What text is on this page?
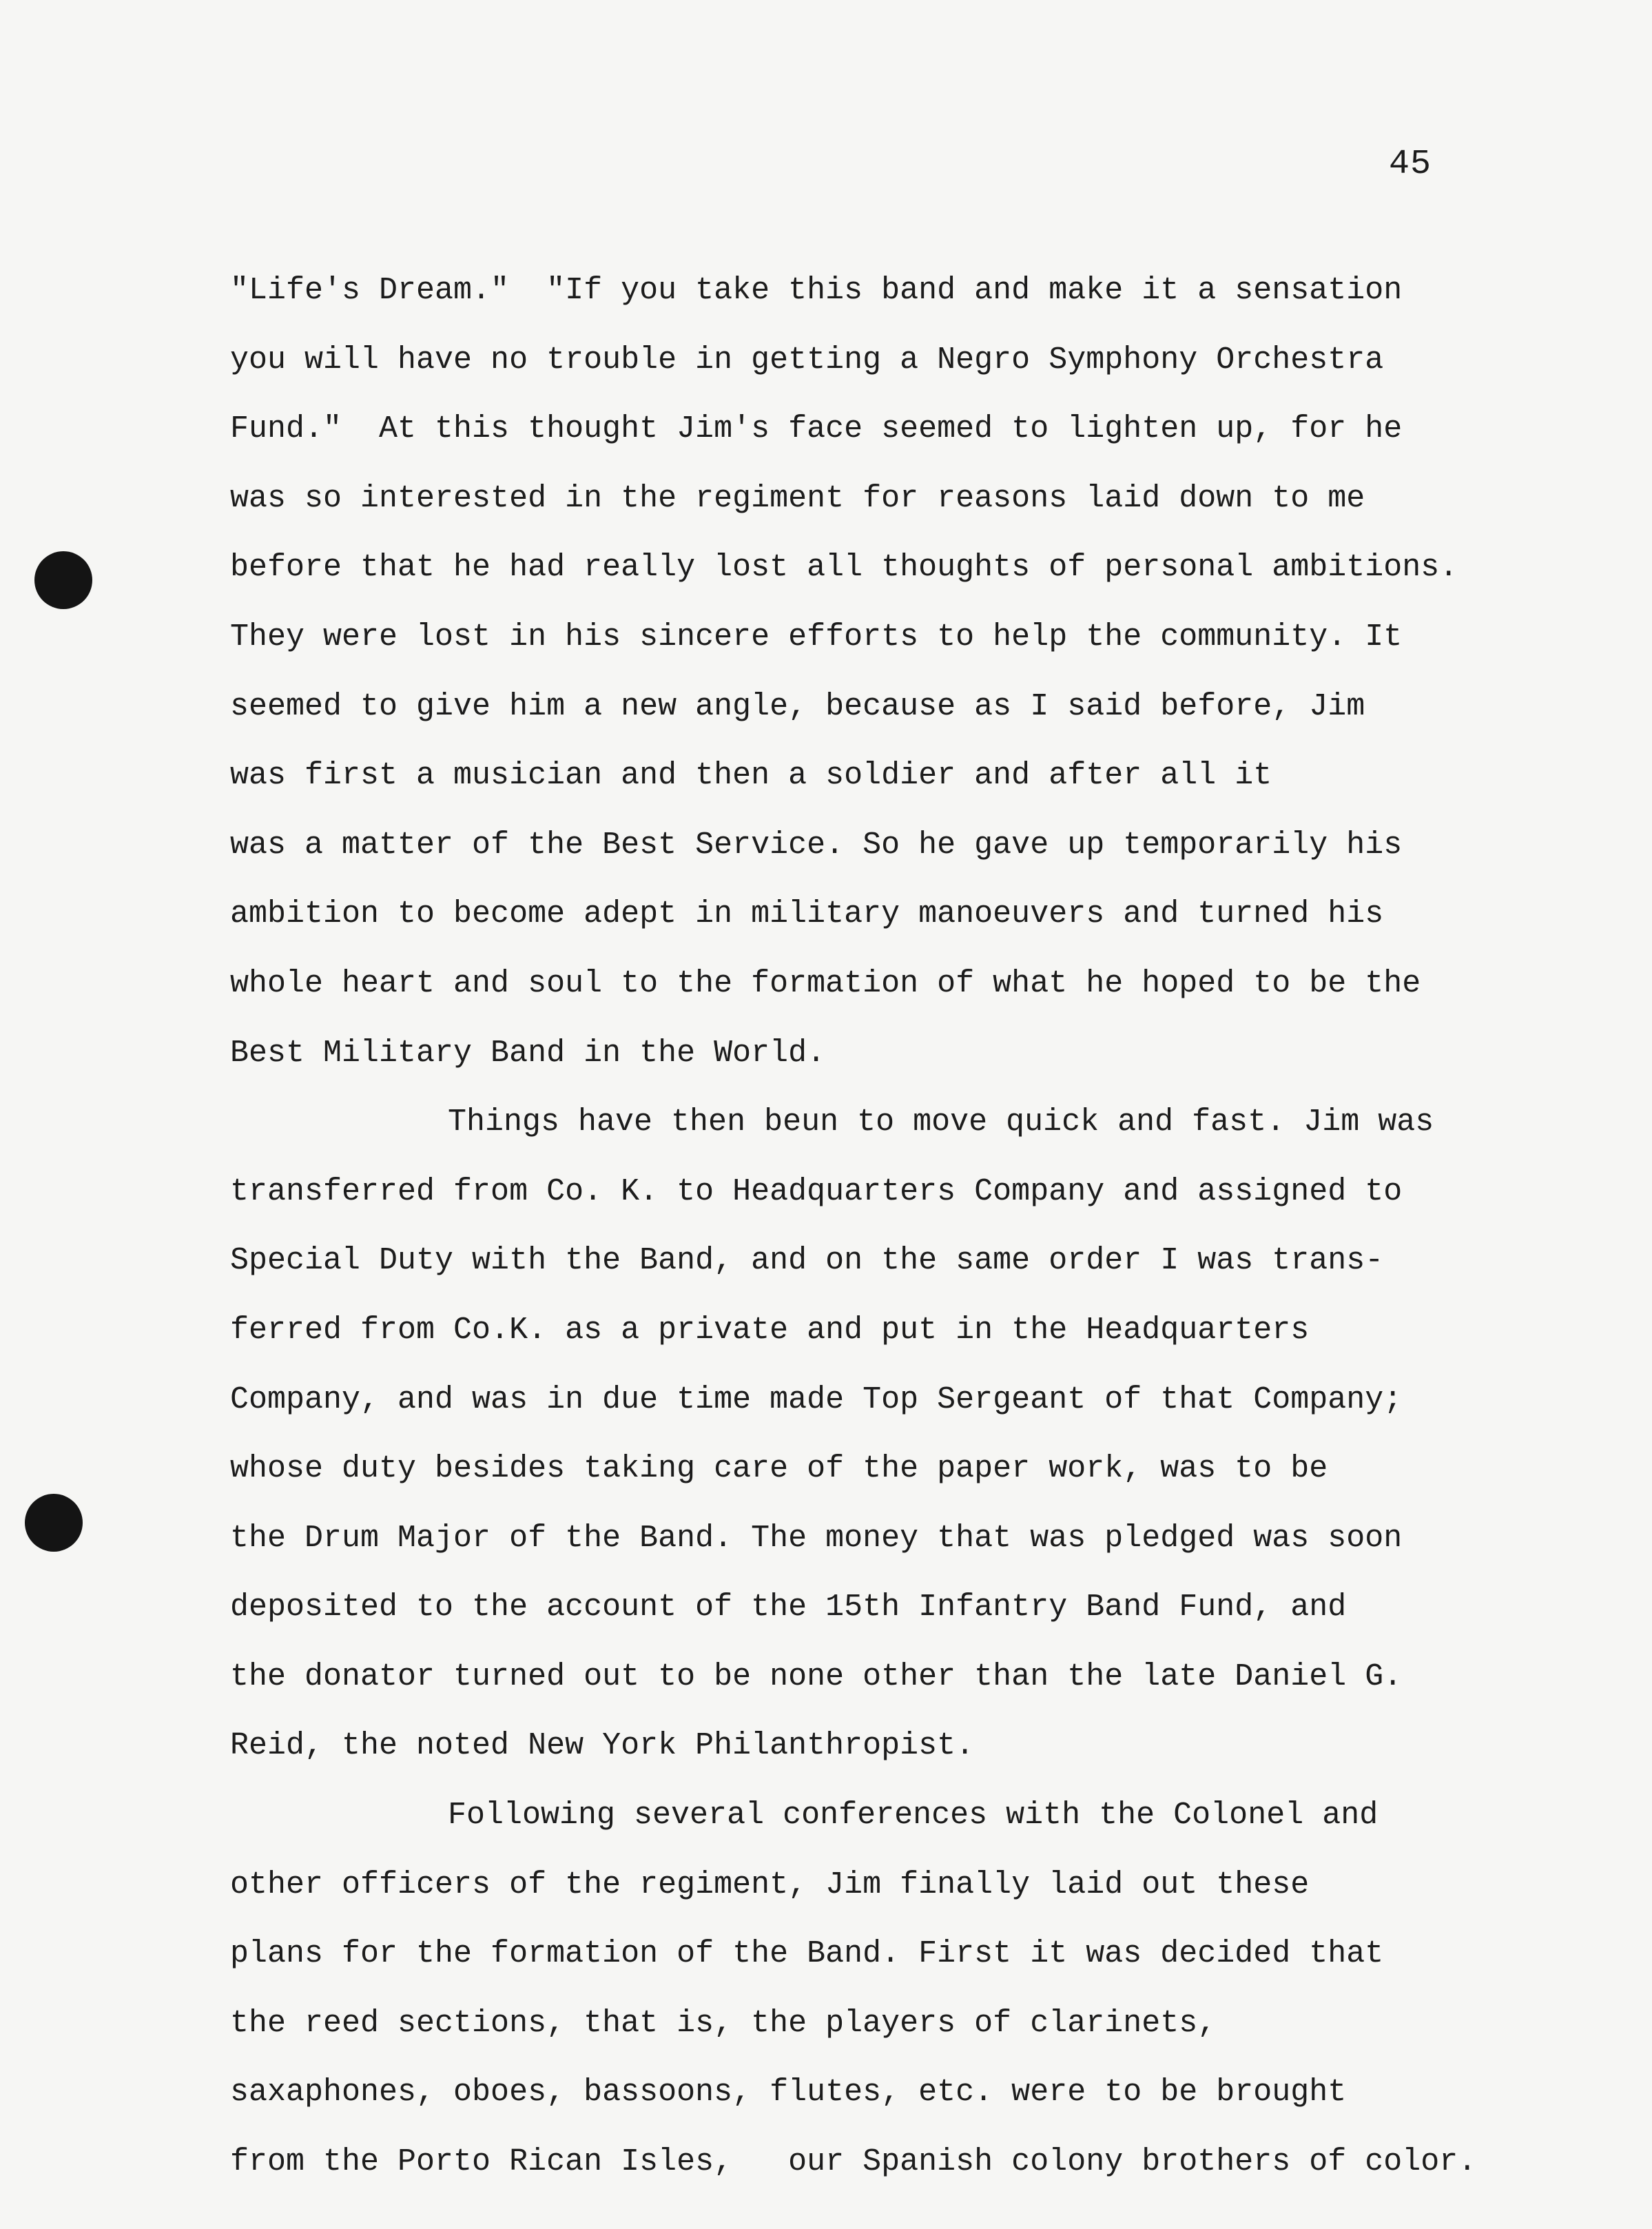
45
"Life's Dream."  "If you take this band and make it a sensation
you will have no trouble in getting a Negro Symphony Orchestra
Fund."  At this thought Jim's face seemed to lighten up, for he
was so interested in the regiment for reasons laid down to me
before that he had really lost all thoughts of personal ambitions.
They were lost in his sincere efforts to help the community. It
seemed to give him a new angle, because as I said before, Jim
was first a musician and then a soldier and after all it
was a matter of the Best Service. So he gave up temporarily his
ambition to become adept in military manoeuvers and turned his
whole heart and soul to the formation of what he hoped to be the
Best Military Band in the World.
Things have then beun to move quick and fast. Jim was
transferred from Co. K. to Headquarters Company and assigned to
Special Duty with the Band, and on the same order I was trans-
ferred from Co.K. as a private and put in the Headquarters
Company, and was in due time made Top Sergeant of that Company;
whose duty besides taking care of the paper work, was to be
the Drum Major of the Band. The money that was pledged was soon
deposited to the account of the 15th Infantry Band Fund, and
the donator turned out to be none other than the late Daniel G.
Reid, the noted New York Philanthropist.
Following several conferences with the Colonel and
other officers of the regiment, Jim finally laid out these
plans for the formation of the Band. First it was decided that
the reed sections, that is, the players of clarinets,
saxaphones, oboes, bassoons, flutes, etc. were to be brought
from the Porto Rican Isles,   our Spanish colony brothers of color.
